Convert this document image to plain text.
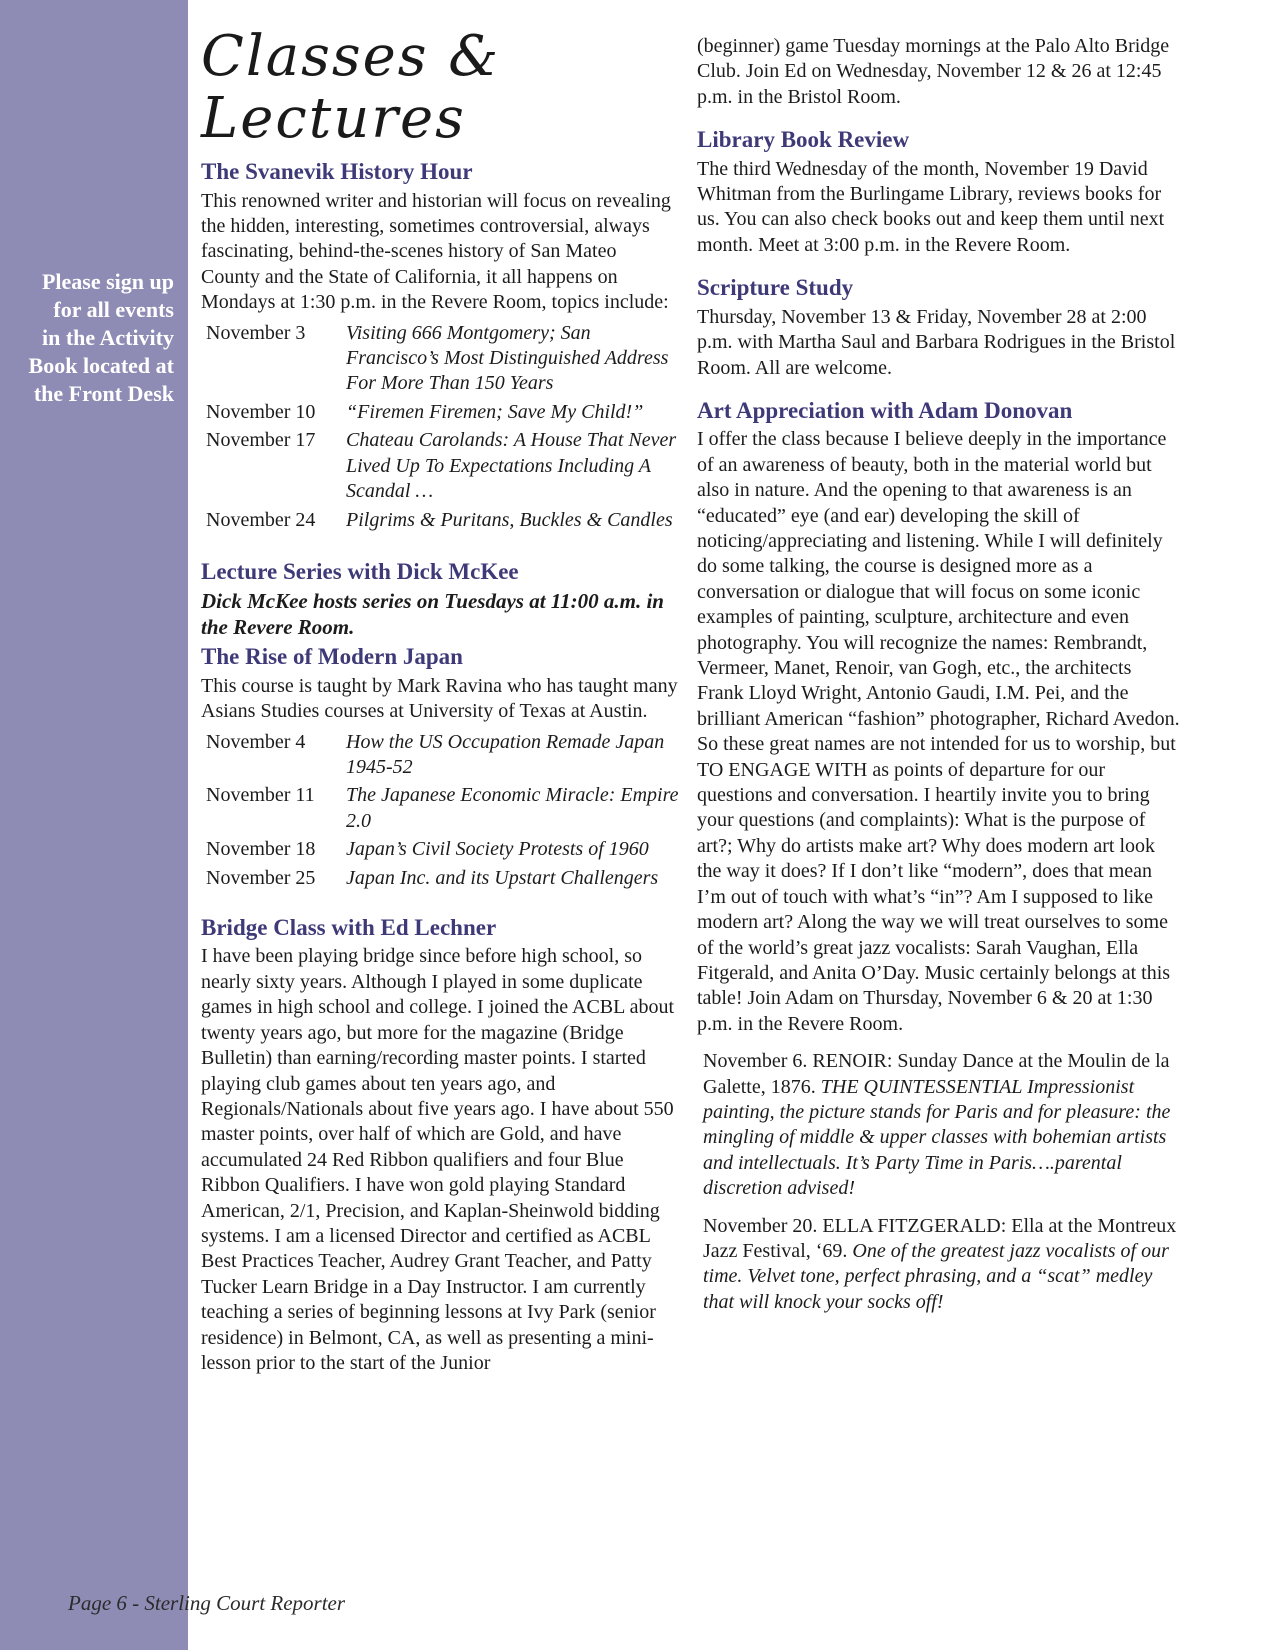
Please sign up
for all events
in the Activity
Book located at
the Front Desk
Classes & Lectures
The Svanevik History Hour

This renowned writer and historian will focus on revealing the hidden, interesting, sometimes controversial, always fascinating, behind-the-scenes history of San Mateo County and the State of California, it all happens on Mondays at 1:30 p.m. in the Revere Room, topics include:

November 3	Visiting 666 Montgomery; San Francisco’s Most Distinguished Address For More Than 150 Years
November 10	“Firemen Firemen; Save My Child!”
November 17	Chateau Carolands: A House That Never Lived Up To Expectations Including A Scandal …
November 24	Pilgrims & Puritans, Buckles & Candles
Lecture Series with Dick McKee

Dick McKee hosts series on Tuesdays at 11:00 a.m. in the Revere Room.

The Rise of Modern Japan

This course is taught by Mark Ravina who has taught many Asians Studies courses at University of Texas at Austin.

November 4	How the US Occupation Remade Japan 1945-52
November 11	The Japanese Economic Miracle: Empire 2.0
November 18	Japan’s Civil Society Protests of 1960
November 25	Japan Inc. and its Upstart Challengers
Bridge Class with Ed Lechner

I have been playing bridge since before high school, so nearly sixty years. Although I played in some duplicate games in high school and college. I joined the ACBL about twenty years ago, but more for the magazine (Bridge Bulletin) than earning/recording master points. I started playing club games about ten years ago, and Regionals/Nationals about five years ago. I have about 550 master points, over half of which are Gold, and have accumulated 24 Red Ribbon qualifiers and four Blue Ribbon Qualifiers. I have won gold playing Standard American, 2/1, Precision, and Kaplan-Sheinwold bidding systems. I am a licensed Director and certified as ACBL Best Practices Teacher, Audrey Grant Teacher, and Patty Tucker Learn Bridge in a Day Instructor. I am currently teaching a series of beginning lessons at Ivy Park (senior residence) in Belmont, CA, as well as presenting a mini-lesson prior to the start of the Junior

(beginner) game Tuesday mornings at the Palo Alto Bridge Club. Join Ed on Wednesday, November 12 & 26 at 12:45 p.m. in the Bristol Room.

Library Book Review

The third Wednesday of the month, November 19 David Whitman from the Burlingame Library, reviews books for us. You can also check books out and keep them until next month. Meet at 3:00 p.m. in the Revere Room.

Scripture Study

Thursday, November 13 & Friday, November 28 at 2:00 p.m. with Martha Saul and Barbara Rodrigues in the Bristol Room. All are welcome.

Art Appreciation with Adam Donovan

I offer the class because I believe deeply in the importance of an awareness of beauty, both in the material world but also in nature. And the opening to that awareness is an “educated” eye (and ear) developing the skill of noticing/appreciating and listening. While I will definitely do some talking, the course is designed more as a conversation or dialogue that will focus on some iconic examples of painting, sculpture, architecture and even photography. You will recognize the names: Rembrandt, Vermeer, Manet, Renoir, van Gogh, etc., the architects Frank Lloyd Wright, Antonio Gaudi, I.M. Pei, and the brilliant American “fashion” photographer, Richard Avedon. So these great names are not intended for us to worship, but TO ENGAGE WITH as points of departure for our questions and conversation. I heartily invite you to bring your questions (and complaints): What is the purpose of art?; Why do artists make art? Why does modern art look the way it does? If I don’t like “modern”, does that mean I’m out of touch with what’s “in”? Am I supposed to like modern art? Along the way we will treat ourselves to some of the world’s great jazz vocalists: Sarah Vaughan, Ella Fitgerald, and Anita O’Day. Music certainly belongs at this table! Join Adam on Thursday, November 6 & 20 at 1:30 p.m. in the Revere Room.

November 6. RENOIR: Sunday Dance at the Moulin de la Galette, 1876. THE QUINTESSENTIAL Impressionist painting, the picture stands for Paris and for pleasure: the mingling of middle & upper classes with bohemian artists and intellectuals. It’s Party Time in Paris….parental discretion advised!

November 20. ELLA FITZGERALD: Ella at the Montreux Jazz Festival, ‘69. One of the greatest jazz vocalists of our time. Velvet tone, perfect phrasing, and a “scat” medley that will knock your socks off!

Page 6 - Sterling Court Reporter
